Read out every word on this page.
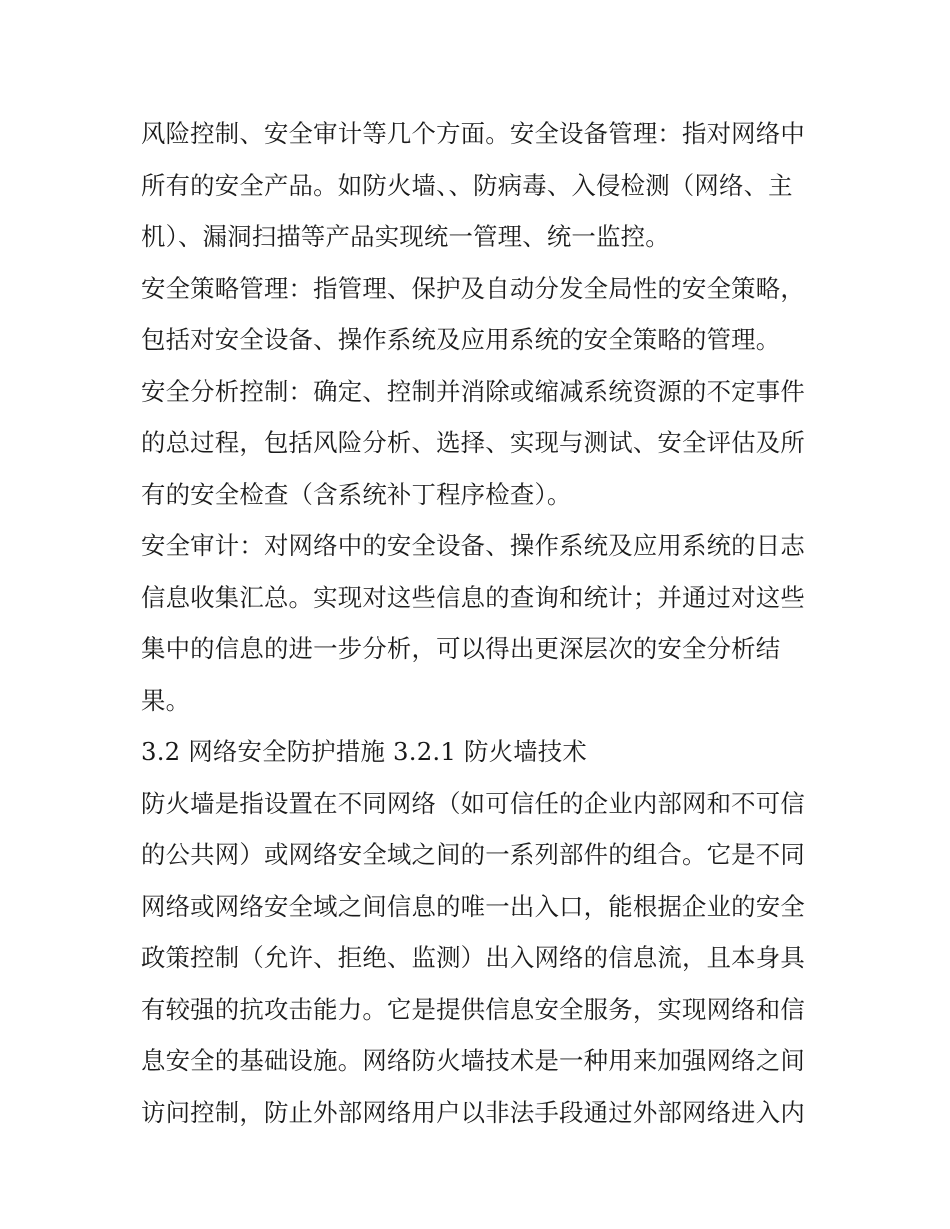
风险控制、安全审计等几个方面。安全设备管理：指对网络中
所有的安全产品。如防火墙、、防病毒、入侵检测（网络、主
机）、漏洞扫描等产品实现统一管理、统一监控。
安全策略管理：指管理、保护及自动分发全局性的安全策略，
包括对安全设备、操作系统及应用系统的安全策略的管理。
安全分析控制：确定、控制并消除或缩减系统资源的不定事件
的总过程，包括风险分析、选择、实现与测试、安全评估及所
有的安全检查（含系统补丁程序检查）。
安全审计：对网络中的安全设备、操作系统及应用系统的日志
信息收集汇总。实现对这些信息的查询和统计；并通过对这些
集中的信息的进一步分析，可以得出更深层次的安全分析结
果。
3.2 网络安全防护措施 3.2.1 防火墙技术
防火墙是指设置在不同网络（如可信任的企业内部网和不可信
的公共网）或网络安全域之间的一系列部件的组合。它是不同
网络或网络安全域之间信息的唯一出入口，能根据企业的安全
政策控制（允许、拒绝、监测）出入网络的信息流，且本身具
有较强的抗攻击能力。它是提供信息安全服务，实现网络和信
息安全的基础设施。网络防火墙技术是一种用来加强网络之间
访问控制，防止外部网络用户以非法手段通过外部网络进入内
